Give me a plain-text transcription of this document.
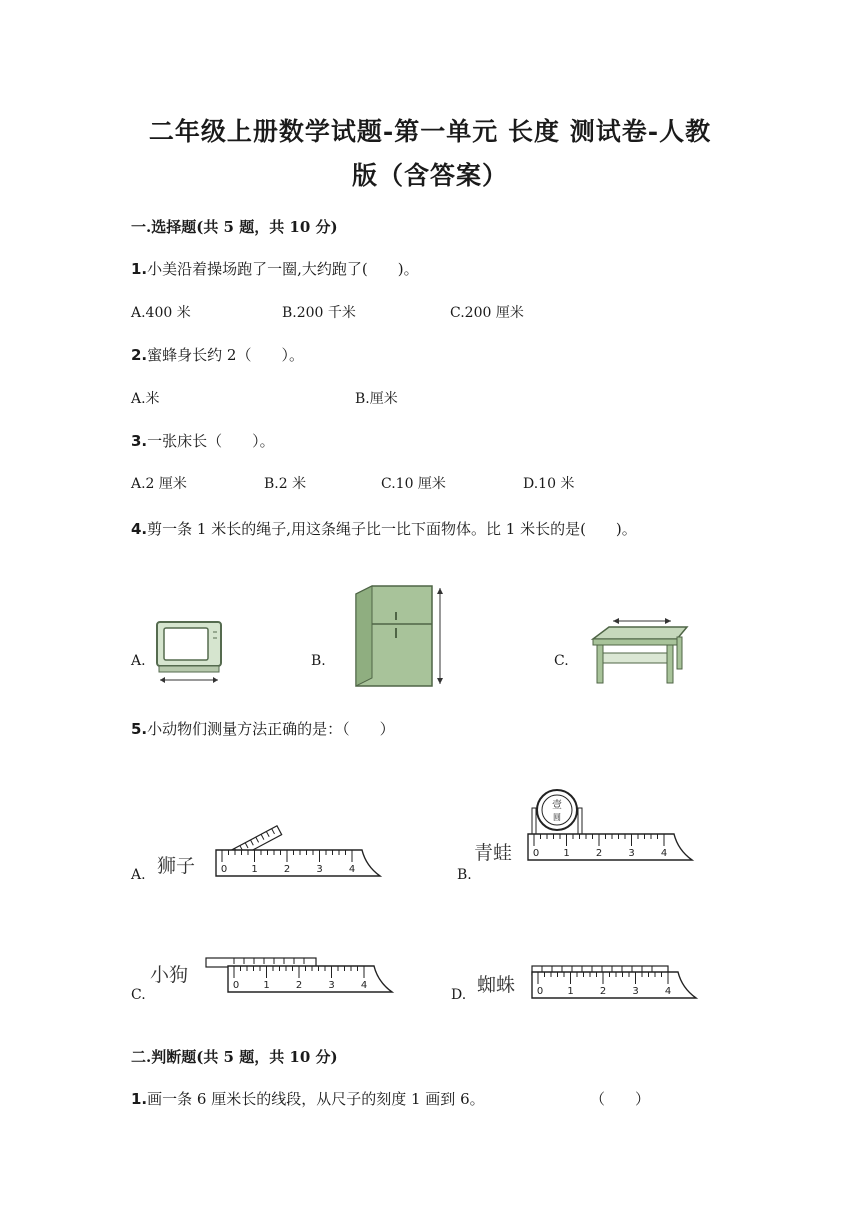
二年级上册数学试题-第一单元 长度 测试卷-人教
版（含答案）
一.选择题(共 5 题，共 10 分)
1.小美沿着操场跑了一圈,大约跑了(　　)。
A.400 米	B.200 千米	C.200 厘米
2.蜜蜂身长约 2（　　）。
A.米	B.厘米
3.一张床长（　　）。
A.2 厘米	B.2 米	C.10 厘米	D.10 米
4.剪一条 1 米长的绳子,用这条绳子比一比下面物体。比 1 米长的是(　　)。
A.	B.	C.
5.小动物们测量方法正确的是：（　　）
A. 狮子	0 1	2	3	4	B.
青蛙
壹
圆
0 1	2	3	4
C.
小狗	0 1	2	3	4
D. 蜘蛛 0 1	2	3	4
二.判断题(共 5 题，共 10 分)
1.画一条 6 厘米长的线段，从尺子的刻度 1 画到 6。	（　　）
